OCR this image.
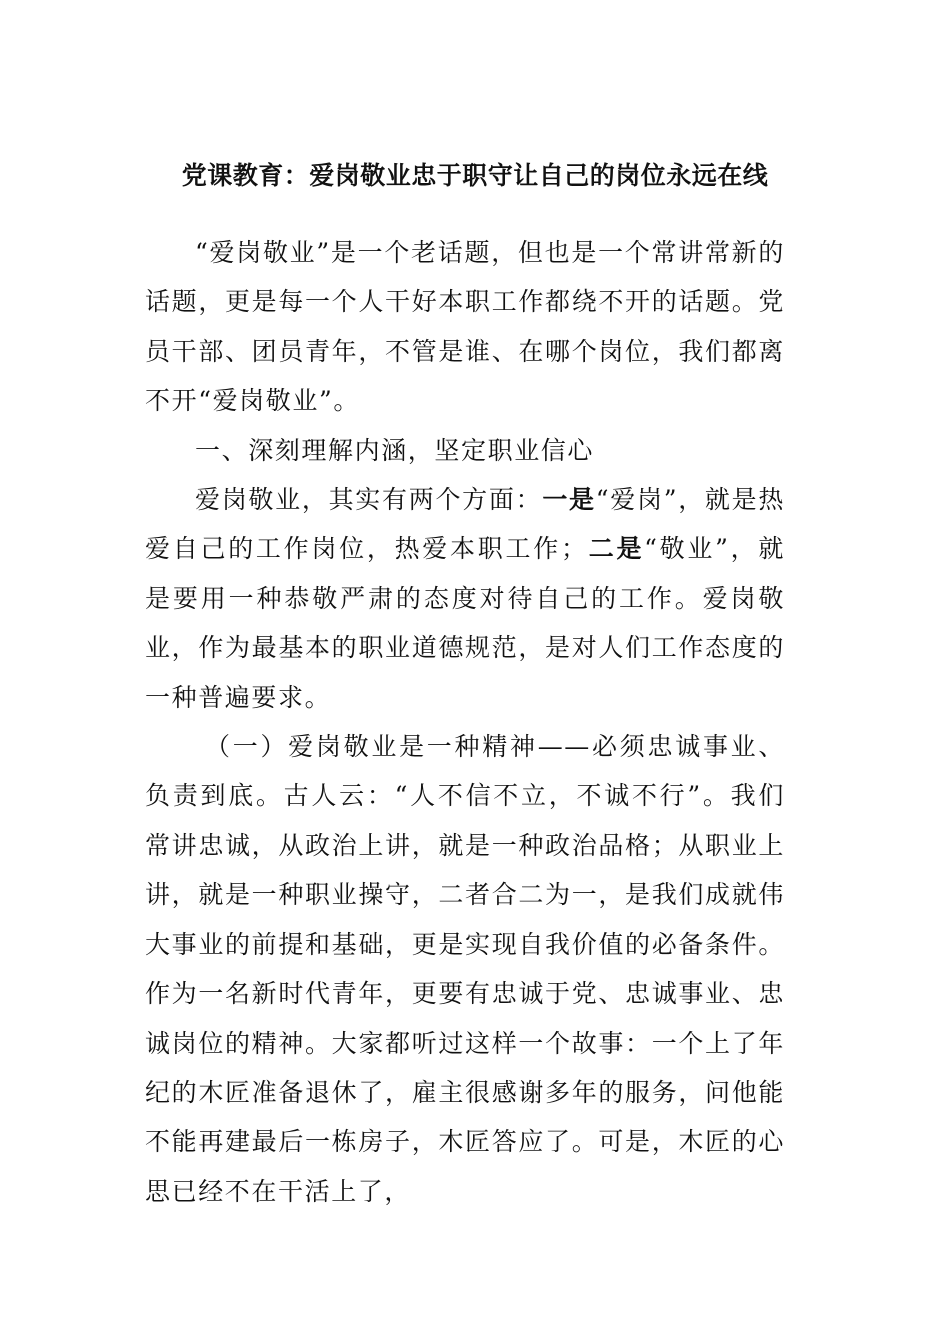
党课教育：爱岗敬业忠于职守让自己的岗位永远在线

“爱岗敬业”是一个老话题，但也是一个常讲常新的话题，更是每一个人干好本职工作都绕不开的话题。党员干部、团员青年，不管是谁、在哪个岗位，我们都离不开“爱岗敬业”。

一、深刻理解内涵，坚定职业信心

爱岗敬业，其实有两个方面：一是“爱岗”，就是热爱自己的工作岗位，热爱本职工作；二是“敬业”，就是要用一种恭敬严肃的态度对待自己的工作。爱岗敬业，作为最基本的职业道德规范，是对人们工作态度的一种普遍要求。

（一）爱岗敬业是一种精神——必须忠诚事业、负责到底。古人云：“人不信不立，不诚不行”。我们常讲忠诚，从政治上讲，就是一种政治品格；从职业上讲，就是一种职业操守，二者合二为一，是我们成就伟大事业的前提和基础，更是实现自我价值的必备条件。作为一名新时代青年，更要有忠诚于党、忠诚事业、忠诚岗位的精神。大家都听过这样一个故事：一个上了年纪的木匠准备退休了，雇主很感谢多年的服务，问他能不能再建最后一栋房子，木匠答应了。可是，木匠的心思已经不在干活上了，
